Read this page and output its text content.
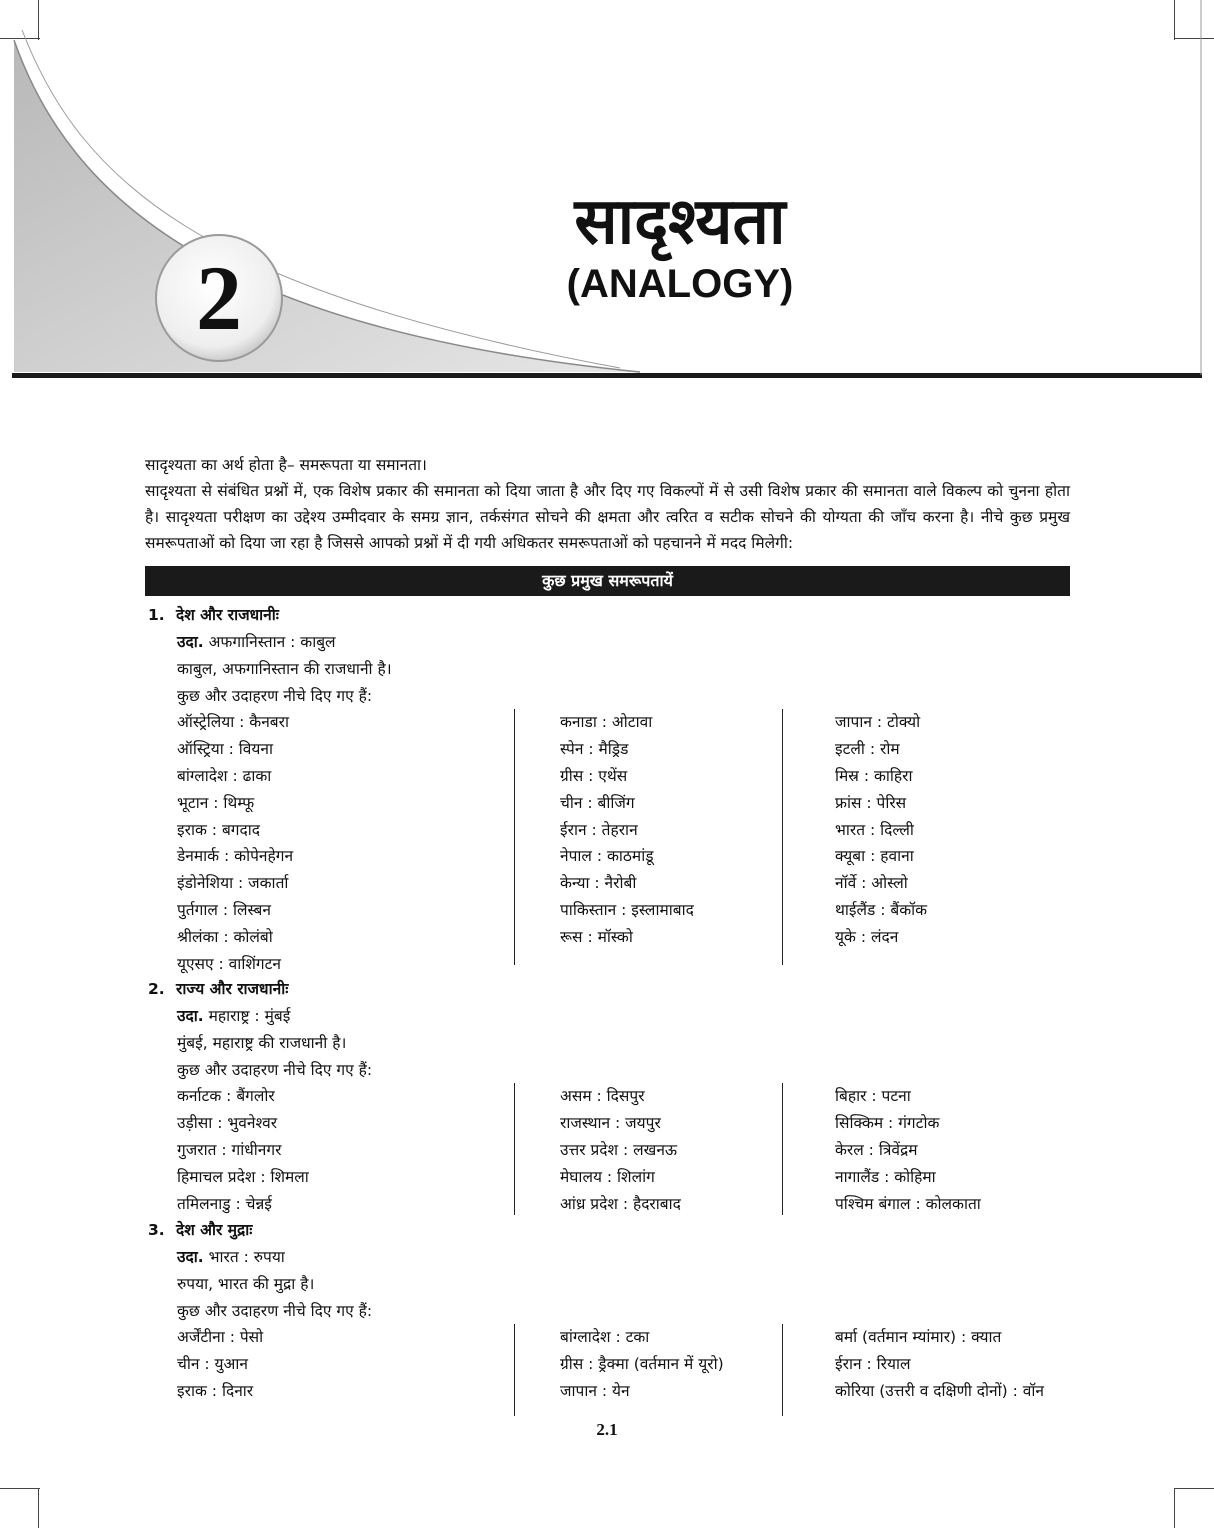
2
सादृश्यता
(ANALOGY)

सादृश्यता का अर्थ होता है– समरूपता या समानता।

सादृश्यता से संबंधित प्रश्नों में, एक विशेष प्रकार की समानता को दिया जाता है और दिए गए विकल्पों में से उसी विशेष प्रकार की समानता वाले विकल्प को चुनना होता है। सादृश्यता परीक्षण का उद्देश्य उम्मीदवार के समग्र ज्ञान, तर्कसंगत सोचने की क्षमता और त्वरित व सटीक सोचने की योग्यता की जाँच करना है। नीचे कुछ प्रमुख समरूपताओं को दिया जा रहा है जिससे आपको प्रश्नों में दी गयी अधिकतर समरूपताओं को पहचानने में मदद मिलेगी:

कुछ प्रमुख समरूपतायें
1. देश और राजधानीः
उदा. अफगानिस्तान : काबुल
काबुल, अफगानिस्तान की राजधानी है।
कुछ और उदाहरण नीचे दिए गए हैं:
ऑस्ट्रेलिया : कैनबरा
ऑस्ट्रिया : वियना
बांग्लादेश : ढाका
भूटान : थिम्फू
इराक : बगदाद
डेनमार्क : कोपेनहेगन
इंडोनेशिया : जकार्ता
पुर्तगाल : लिस्बन
श्रीलंका : कोलंबो
यूएसए : वाशिंगटन
कनाडा : ओटावा
स्पेन : मैड्रिड
ग्रीस : एथेंस
चीन : बीजिंग
ईरान : तेहरान
नेपाल : काठमांडू
केन्या : नैरोबी
पाकिस्तान : इस्लामाबाद
रूस : मॉस्को
जापान : टोक्यो
इटली : रोम
मिस्र : काहिरा
फ्रांस : पेरिस
भारत : दिल्ली
क्यूबा : हवाना
नॉर्वे : ओस्लो
थाईलैंड : बैंकॉक
यूके : लंदन
2. राज्य और राजधानीः
उदा. महाराष्ट्र : मुंबई
मुंबई, महाराष्ट्र की राजधानी है।
कुछ और उदाहरण नीचे दिए गए हैं:
कर्नाटक : बैंगलोर
उड़ीसा : भुवनेश्वर
गुजरात : गांधीनगर
हिमाचल प्रदेश : शिमला
तमिलनाडु : चेन्नई
असम : दिसपुर
राजस्थान : जयपुर
उत्तर प्रदेश : लखनऊ
मेघालय : शिलांग
आंध्र प्रदेश : हैदराबाद
बिहार : पटना
सिक्किम : गंगटोक
केरल : त्रिवेंद्रम
नागालैंड : कोहिमा
पश्चिम बंगाल : कोलकाता
3. देश और मुद्राः
उदा. भारत : रुपया
रुपया, भारत की मुद्रा है।
कुछ और उदाहरण नीचे दिए गए हैं:
अर्जेंटीना : पेसो
चीन : युआन
इराक : दिनार
बांग्लादेश : टका
ग्रीस : ड्रैक्मा (वर्तमान में यूरो)
जापान : येन
बर्मा (वर्तमान म्यांमार) : क्यात
ईरान : रियाल
कोरिया (उत्तरी व दक्षिणी दोनों) : वॉन
2.1
